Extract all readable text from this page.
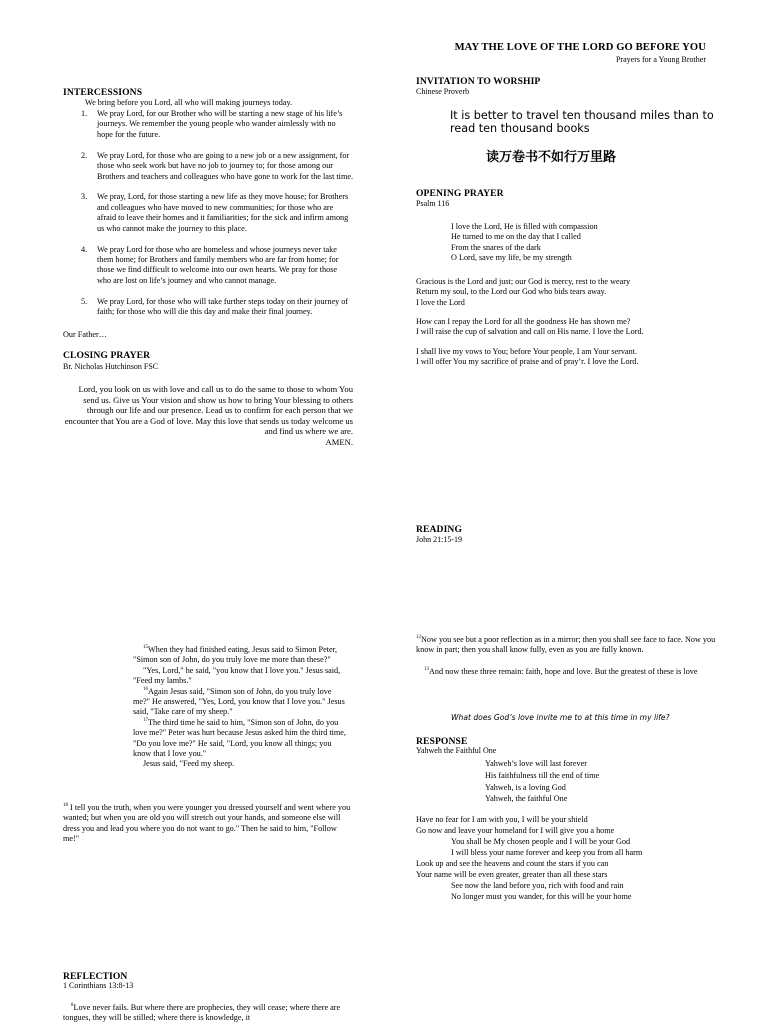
MAY THE LOVE OF THE LORD GO BEFORE YOU
Prayers for a Young Brother
INTERCESSIONS
We bring before you Lord, all who will making journeys today.
1. We pray Lord, for our Brother who will be starting a new stage of his life’s journeys. We remember the young people who wander aimlessly with no hope for the future.
2. We pray Lord, for those who are going to a new job or a new assignment, for those who seek work but have no job to journey to; for those among our Brothers and teachers and colleagues who have gone to work for the last time.
3. We pray, Lord, for those starting a new life as they move house; for Brothers and colleagues who have moved to new communities; for those who are afraid to leave their homes and it familiarities; for the sick and infirm among us who cannot make the journey to this place.
4. We pray Lord for those who are homeless and whose journeys never take them home; for Brothers and family members who are far from home; for those we find difficult to welcome into our own hearts. We pray for those who are lost on life’s journey and who cannot manage.
5. We pray Lord, for those who will take further steps today on their journey of faith; for those who will die this day and make their final journey.
Our Father…
CLOSING PRAYER
Br. Nicholas Hutchinson FSC

Lord, you look on us with love and call us to do the same to those to whom You send us. Give us Your vision and show us how to bring Your blessing to others through our life and our presence. Lead us to confirm for each person that we encounter that You are a God of love. May this love that sends us today welcome us and find us where we are.

AMEN.

INVITATION TO WORSHIP
Chinese Proverb
It is better to travel ten thousand miles than to read ten thousand books
读万卷书不如行万里路
OPENING PRAYER
Psalm 116

I love the Lord, He is filled with compassion

He turned to me on the day that I called

From the snares of the dark

O Lord, save my life, be my strength

Gracious is the Lord and just; our God is mercy, rest to the weary

Return my soul, to the Lord our God who bids tears away.

I love the Lord

How can I repay the Lord for all the goodness He has shown me?

I will raise the cup of salvation and call on His name. I love the Lord.

I shall live my vows to You; before Your people, I am Your servant.

I will offer You my sacrifice of praise and of pray’r. I love the Lord.

READING
John 21:15-19

$^{15}$When they had finished eating, Jesus said to Simon Peter, "Simon son of John, do you truly love me more than these?"

"Yes, Lord," he said, "you know that I love you." Jesus said, "Feed my lambs."

$^{16}$Again Jesus said, "Simon son of John, do you truly love me?" He answered, "Yes, Lord, you know that I love you." Jesus said, "Take care of my sheep."

$^{17}$The third time he said to him, "Simon son of John, do you love me?" Peter was hurt because Jesus asked him the third time, "Do you love me?" He said, "Lord, you know all things; you know that I love you."

Jesus said, "Feed my sheep.

$^{18}$ I tell you the truth, when you were younger you dressed yourself and went where you wanted; but when you are old you will stretch out your hands, and someone else will dress you and lead you where you do not want to go." Then he said to him, "Follow me!"

$^{12}$Now you see but a poor reflection as in a mirror; then you shall see face to face. Now you know in part; then you shall know fully, even as you are fully known.

$^{13}$And now these three remain: faith, hope and love. But the greatest of these is love

What does God’s love invite me to at this time in my life?
RESPONSE
Yahweh the Faithful One

Yahweh’s love will last forever

His faithfulness till the end of time

Yahweh, is a loving God

Yahweh, the faithful One

Have no fear for I am with you, I will be your shield

Go now and leave your homeland for I will give you a home

You shall be My chosen people and I will be your God

I will bless your name forever and keep you from all harm

Look up and see the heavens and count the stars if you can

Your name will be even greater, greater than all these stars

See now the land before you, rich with food and rain

No longer must you wander, for this will be your home

REFLECTION
1 Corinthians 13:8-13

$^8$Love never fails. But where there are prophecies, they will cease; where there are tongues, they will be stilled; where there is knowledge, it
